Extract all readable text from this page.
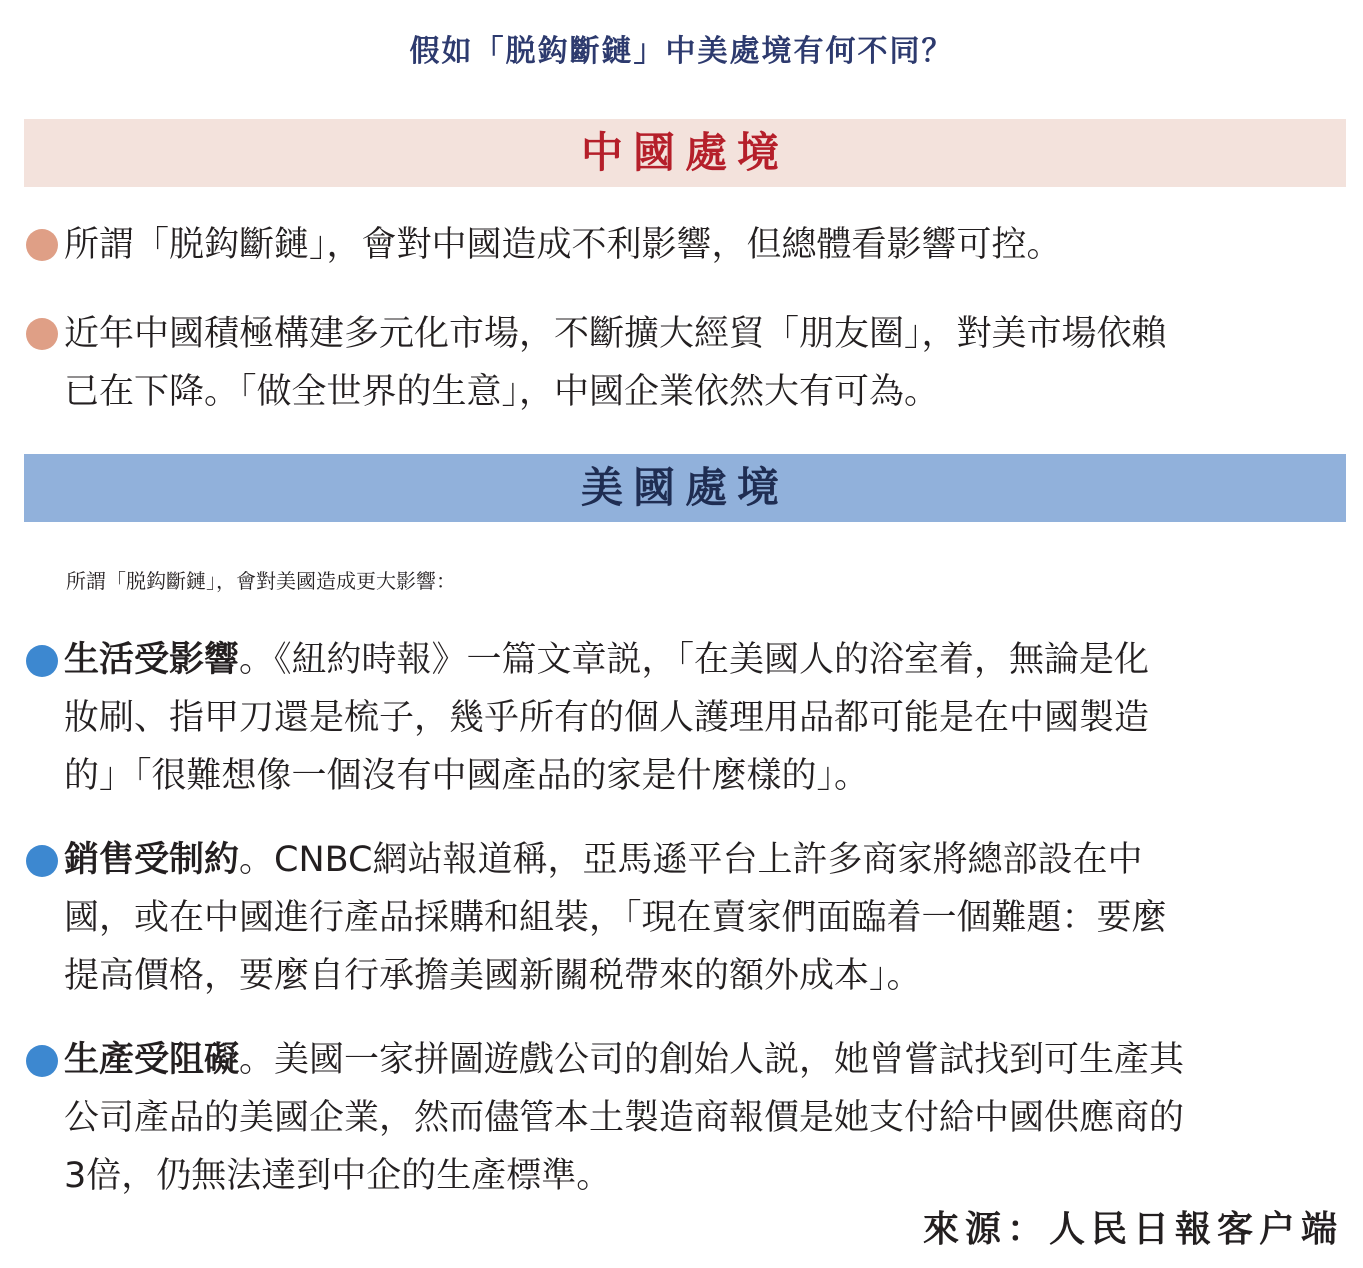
假如「脱鈎斷鏈」中美處境有何不同？
中國處境
所謂「脱鈎斷鏈」，會對中國造成不利影響，但總體看影響可控。
近年中國積極構建多元化市場，不斷擴大經貿「朋友圈」，對美市場依賴
已在下降。「做全世界的生意」，中國企業依然大有可為。
美國處境
所謂「脱鈎斷鏈」，會對美國造成更大影響：
生活受影響。《紐約時報》一篇文章説，「在美國人的浴室着，無論是化
妝刷、指甲刀還是梳子，幾乎所有的個人護理用品都可能是在中國製造
的」「很難想像一個沒有中國產品的家是什麼樣的」。
銷售受制約。CNBC網站報道稱，亞馬遜平台上許多商家將總部設在中
國，或在中國進行產品採購和組裝，「現在賣家們面臨着一個難題：要麼
提高價格，要麼自行承擔美國新關税帶來的額外成本」。
生產受阻礙。美國一家拼圖遊戲公司的創始人説，她曾嘗試找到可生產其
公司產品的美國企業，然而儘管本土製造商報價是她支付給中國供應商的
3倍，仍無法達到中企的生產標準。
來源：人民日報客户端
